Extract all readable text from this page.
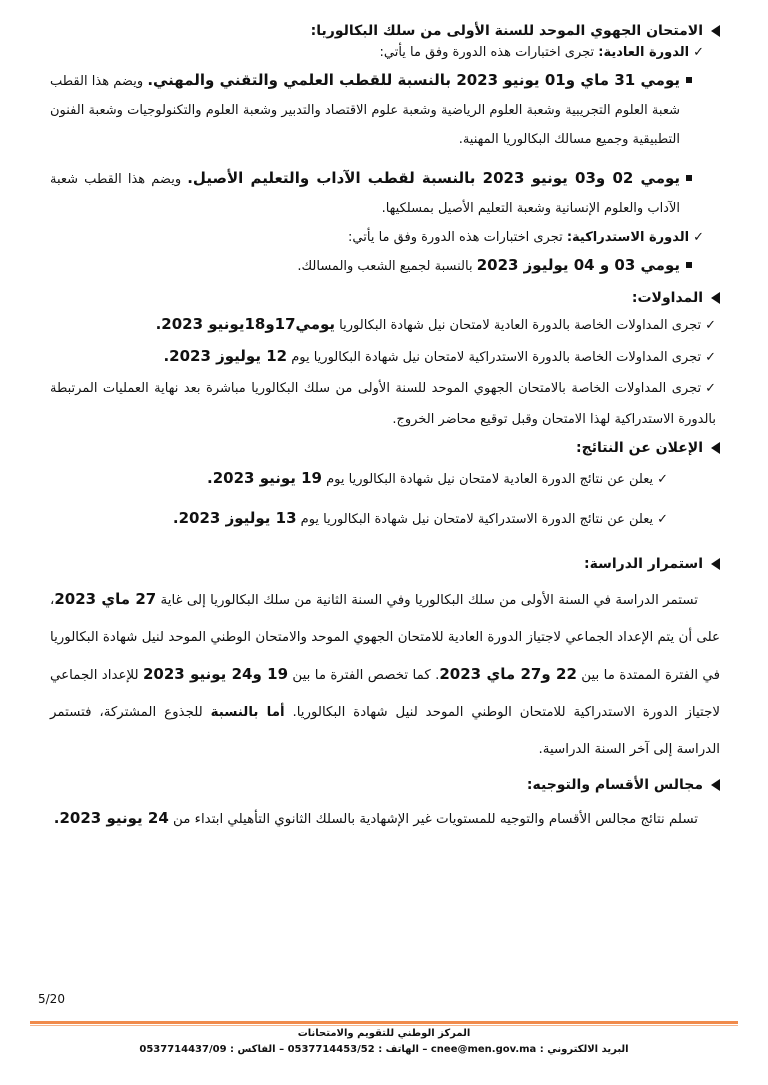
الامتحان الجهوي الموحد للسنة الأولى من سلك البكالوريا:
✓الدورة العادية: تجرى اختبارات هذه الدورة وفق ما يأتي:
يومي 31 ماي و01 يونيو 2023 بالنسبة للقطب العلمي والتقني والمهني. ويضم هذا القطب شعبة العلوم التجريبية وشعبة العلوم الرياضية وشعبة علوم الاقتصاد والتدبير وشعبة العلوم والتكنولوجيات وشعبة الفنون التطبيقية وجميع مسالك البكالوريا المهنية.
يومي 02 و03 يونيو 2023 بالنسبة لقطب الآداب والتعليم الأصيل. ويضم هذا القطب شعبة الآداب والعلوم الإنسانية وشعبة التعليم الأصيل بمسلكيها.
✓الدورة الاستدراكية: تجرى اختبارات هذه الدورة وفق ما يأتي:
يومي 03 و 04 يوليوز 2023 بالنسبة لجميع الشعب والمسالك.
المداولات:
✓تجرى المداولات الخاصة بالدورة العادية لامتحان نيل شهادة البكالوريا يومي17و18يونيو 2023.
✓تجرى المداولات الخاصة بالدورة الاستدراكية لامتحان نيل شهادة البكالوريا يوم 12 يوليوز 2023.
✓تجرى المداولات الخاصة بالامتحان الجهوي الموحد للسنة الأولى من سلك البكالوريا مباشرة بعد نهاية العمليات المرتبطة بالدورة الاستدراكية لهذا الامتحان وقبل توقيع محاضر الخروج.
الإعلان عن النتائج:
✓يعلن عن نتائج الدورة العادية لامتحان نيل شهادة البكالوريا يوم 19 يونيو 2023.
✓يعلن عن نتائج الدورة الاستدراكية لامتحان نيل شهادة البكالوريا يوم 13 يوليوز 2023.
استمرار الدراسة:
تستمر الدراسة في السنة الأولى من سلك البكالوريا وفي السنة الثانية من سلك البكالوريا إلى غاية 27 ماي 2023، على أن يتم الإعداد الجماعي لاجتياز الدورة العادية للامتحان الجهوي الموحد والامتحان الوطني الموحد لنيل شهادة البكالوريا في الفترة الممتدة ما بين 22 و27 ماي 2023. كما تخصص الفترة ما بين 19 و24 يونيو 2023 للإعداد الجماعي لاجتياز الدورة الاستدراكية للامتحان الوطني الموحد لنيل شهادة البكالوريا. أما بالنسبة للجذوع المشتركة، فتستمر الدراسة إلى آخر السنة الدراسية.
مجالس الأقسام والتوجيه:
تسلم نتائج مجالس الأقسام والتوجيه للمستويات غير الإشهادية بالسلك الثانوي التأهيلي ابتداء من 24 يونيو 2023.
5/20
المركز الوطني للتقويم والامتحانات
البريد الالكتروني : cnee@men.gov.ma – الهاتف : 0537714453/52 – الفاكس : 0537714437/09
